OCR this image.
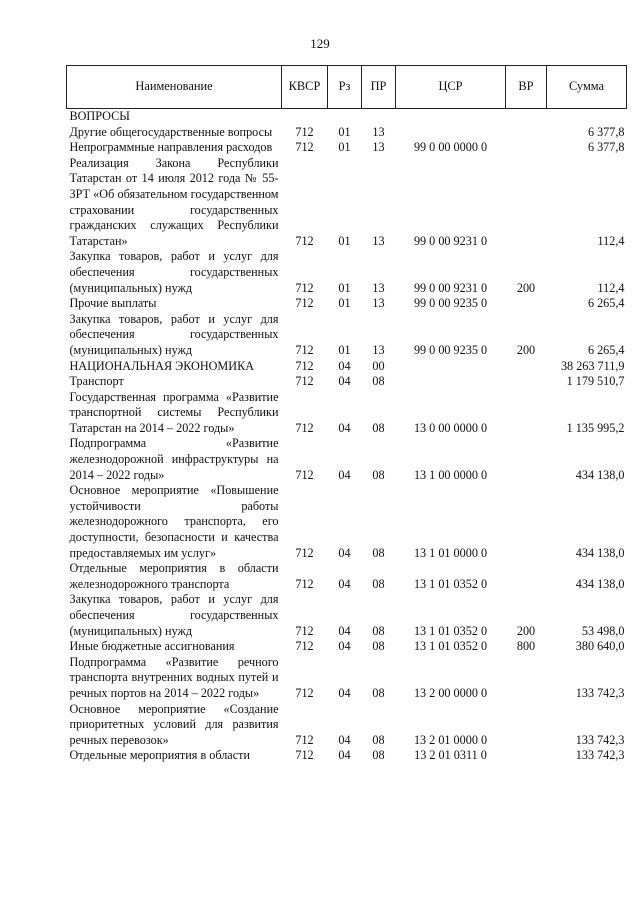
129
Наименование	КВСР	Рз	ПР	ЦСР	ВР	Сумма
ВОПРОСЫ						
Другие общегосударственные вопросы	712	01	13			6 377,8
Непрограммные направления расходов	712	01	13	99 0 00 0000 0		6 377,8
Реализация Закона Республики Татарстан от 14 июля 2012 года № 55-ЗРТ «Об обязательном государственном страховании государственных гражданских служащих Республики Татарстан»	712	01	13	99 0 00 9231 0		112,4
Закупка товаров, работ и услуг для обеспечения государственных (муниципальных) нужд	712	01	13	99 0 00 9231 0	200	112,4
Прочие выплаты	712	01	13	99 0 00 9235 0		6 265,4
Закупка товаров, работ и услуг для обеспечения государственных (муниципальных) нужд	712	01	13	99 0 00 9235 0	200	6 265,4
НАЦИОНАЛЬНАЯ ЭКОНОМИКА	712	04	00			38 263 711,9
Транспорт	712	04	08			1 179 510,7
Государственная программа «Развитие транспортной системы Республики Татарстан на 2014 – 2022 годы»	712	04	08	13 0 00 0000 0		1 135 995,2
Подпрограмма «Развитие железнодорожной инфраструктуры на 2014 – 2022 годы»	712	04	08	13 1 00 0000 0		434 138,0
Основное мероприятие «Повышение устойчивости работы железнодорожного транспорта, его доступности, безопасности и качества предоставляемых им услуг»	712	04	08	13 1 01 0000 0		434 138,0
Отдельные мероприятия в области железнодорожного транспорта	712	04	08	13 1 01 0352 0		434 138,0
Закупка товаров, работ и услуг для обеспечения государственных (муниципальных) нужд	712	04	08	13 1 01 0352 0	200	53 498,0
Иные бюджетные ассигнования	712	04	08	13 1 01 0352 0	800	380 640,0
Подпрограмма «Развитие речного транспорта внутренних водных путей и речных портов на 2014 – 2022 годы»	712	04	08	13 2 00 0000 0		133 742,3
Основное мероприятие «Создание приоритетных условий для развития речных перевозок»	712	04	08	13 2 01 0000 0		133 742,3
Отдельные мероприятия в области	712	04	08	13 2 01 0311 0		133 742,3
